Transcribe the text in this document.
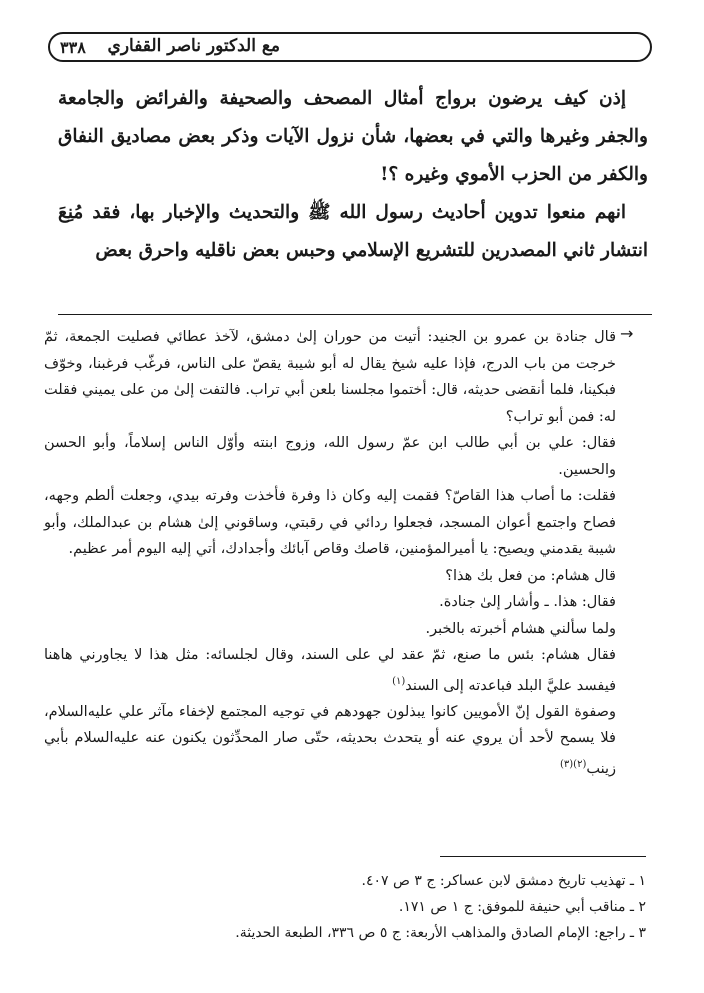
مع الدكتور ناصر القفاري
٣٣٨

إذن كيف يرضون برواج أمثال المصحف والصحيفة والفرائض والجامعة والجفر وغيرها والتي في بعضها، شأن نزول الآيات وذكر بعض مصاديق النفاق والكفر من الحزب الأموي وغيره ؟!

انهم منعوا تدوين أحاديث رسول الله ﷺ والتحديث والإخبار بها، فقد مُنِعَ انتشار ثاني المصدرين للتشريع الإسلامي وحبس بعض ناقليه واحرق بعض

→

قال جنادة بن عمرو بن الجنيد: أتيت من حوران إلىٰ دمشق، لآخذ عطائي فصليت الجمعة، ثمّ خرجت من باب الدرج، فإذا عليه شيخ يقال له أبو شيبة يقصّ على الناس، فرغّب فرغبنا، وخوّف فبكينا، فلما أنقضى حديثه، قال: أختموا مجلسنا بلعن أبي تراب. فالتفت إلىٰ من على يميني فقلت له: فمن أبو تراب؟

فقال: علي بن أبي طالب ابن عمّ رسول الله، وزوج ابنته وأوّل الناس إسلاماً، وأبو الحسن والحسين.

فقلت: ما أصاب هذا القاصّ؟ فقمت إليه وكان ذا وفرة فأخذت وفرته بيدي، وجعلت ألطم وجهه، فصاح واجتمع أعوان المسجد، فجعلوا ردائي في رقبتي، وساقوني إلىٰ هشام بن عبدالملك، وأبو شيبة يقدمني ويصيح: يا أميرالمؤمنين، قاصك وقاص آبائك وأجدادك، أتي إليه اليوم أمر عظيم.

قال هشام: من فعل بك هذا؟

فقال: هذا. ـ وأشار إلىٰ جنادة.

ولما سألني هشام أخبرته بالخبر.

فقال هشام: بئس ما صنع، ثمّ عقد لي على السند، وقال لجلسائه: مثل هذا لا يجاورني هاهنا فيفسد عليَّ البلد فباعدته إلى السند$^{(١)}$

وصفوة القول إنّ الأمويين كانوا يبذلون جهودهم في توجيه المجتمع لإخفاء مآثر علي عليه‌السلام، فلا يسمح لأحد أن يروي عنه أو يتحدث بحديثه، حتّى صار المحدِّثون يكنون عنه عليه‌السلام بأبي زينب$^{(٢)(٣)}$

١ ـ تهذيب تاريخ دمشق لابن عساكر: ج ٣ ص ٤٠٧.
٢ ـ مناقب أبي حنيفة للموفق: ج ١ ص ١٧١.
٣ ـ راجع: الإمام الصادق والمذاهب الأربعة: ج ٥ ص ٣٣٦، الطبعة الحديثة.
